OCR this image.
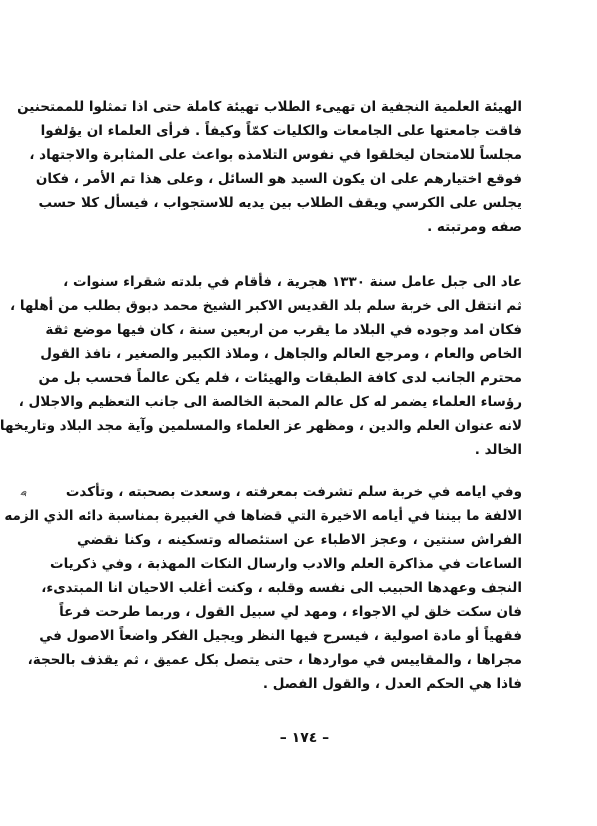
الهيئة العلمية النجفية ان تهيىء الطلاب تهيئة كاملة حتى اذا تمثلوا للممتحنين
فاقت جامعتها على الجامعات والكليات كمّاً وكيفاً . فرأى العلماء ان يؤلفوا
مجلساً للامتحان ليخلقوا في نفوس التلامذه بواعث على المثابرة والاجتهاد ،
فوقع اختيارهم على ان يكون السيد هو السائل ، وعلى هذا تم الأمر ، فكان
يجلس على الكرسي ويقف الطلاب بين يديه للاستجواب ، فيسأل كلا حسب
صفه ومرتبته .
عاد الى جبل عامل سنة ١٣٣٠ هجرية ، فأقام في بلدته شقراء سنوات ،
ثم انتقل الى خربة سلم بلد القديس الاكبر الشيخ محمد دبوق بطلب من أهلها ،
فكان امد وجوده في البلاد ما يقرب من اربعين سنة ، كان فيها موضع ثقة
الخاص والعام ، ومرجع العالم والجاهل ، وملاذ الكبير والصغير ، نافذ القول
محترم الجانب لدى كافة الطبقات والهيئات ، فلم يكن عالماً فحسب بل من
رؤساء العلماء يضمر له كل عالم المحبة الخالصة الى جانب التعظيم والاجلال ،
لانه عنوان العلم والدين ، ومظهر عز العلماء والمسلمين وآية مجد البلاد وتاريخها
الخالد .
وفي ايامه في خربة سلم تشرفت بمعرفته ، وسعدت بصحبته ، وتأكدت
الالفة ما بيننا في أيامه الاخيرة التي قضاها في الغبيرة بمناسبة دائه الذي الزمه
الفراش سنتين ، وعجز الاطباء عن استئصاله وتسكينه ، وكنا نقضي
الساعات في مذاكرة العلم والادب وارسال النكات المهذبة ، وفي ذكريات
النجف وعهدها الحبيب الى نفسه وقلبه ، وكنت أغلب الاحيان انا المبتدىء،
فان سكت خلق لي الاجواء ، ومهد لي سبيل القول ، وربما طرحت فرعاً
فقهياً أو مادة اصولية ، فيسرح فيها النظر ويجيل الفكر واضعاً الاصول في
مجراها ، والمقاييس في مواردها ، حتى يتصل بكل عميق ، ثم يقذف بالحجة،
فاذا هي الحكم العدل ، والقول الفصل .
– ١٧٤ –
ﻫ
